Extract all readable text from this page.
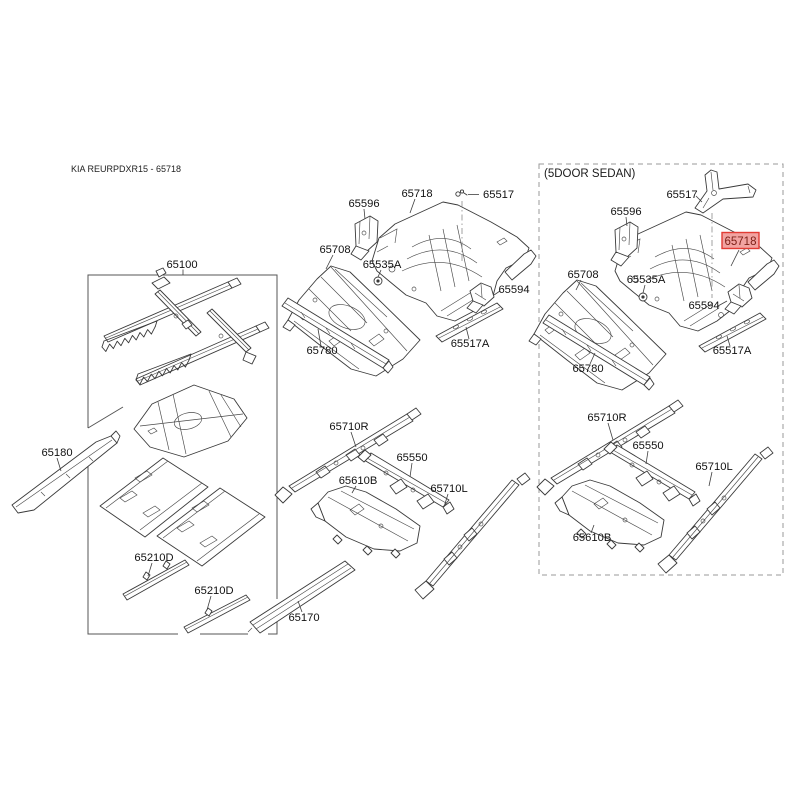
KIA REURPDXR15 - 65718
65100
65180
65210D
65210D
65170
65596
65718	65517
65708
65535A
65594
65780
65517A
65710R
65550
65610B
65710L
(5DOOR SEDAN)
65517
65596
65718
65708	65535A
65594
65517A
65780
65710R
65550
65710L
65610B
